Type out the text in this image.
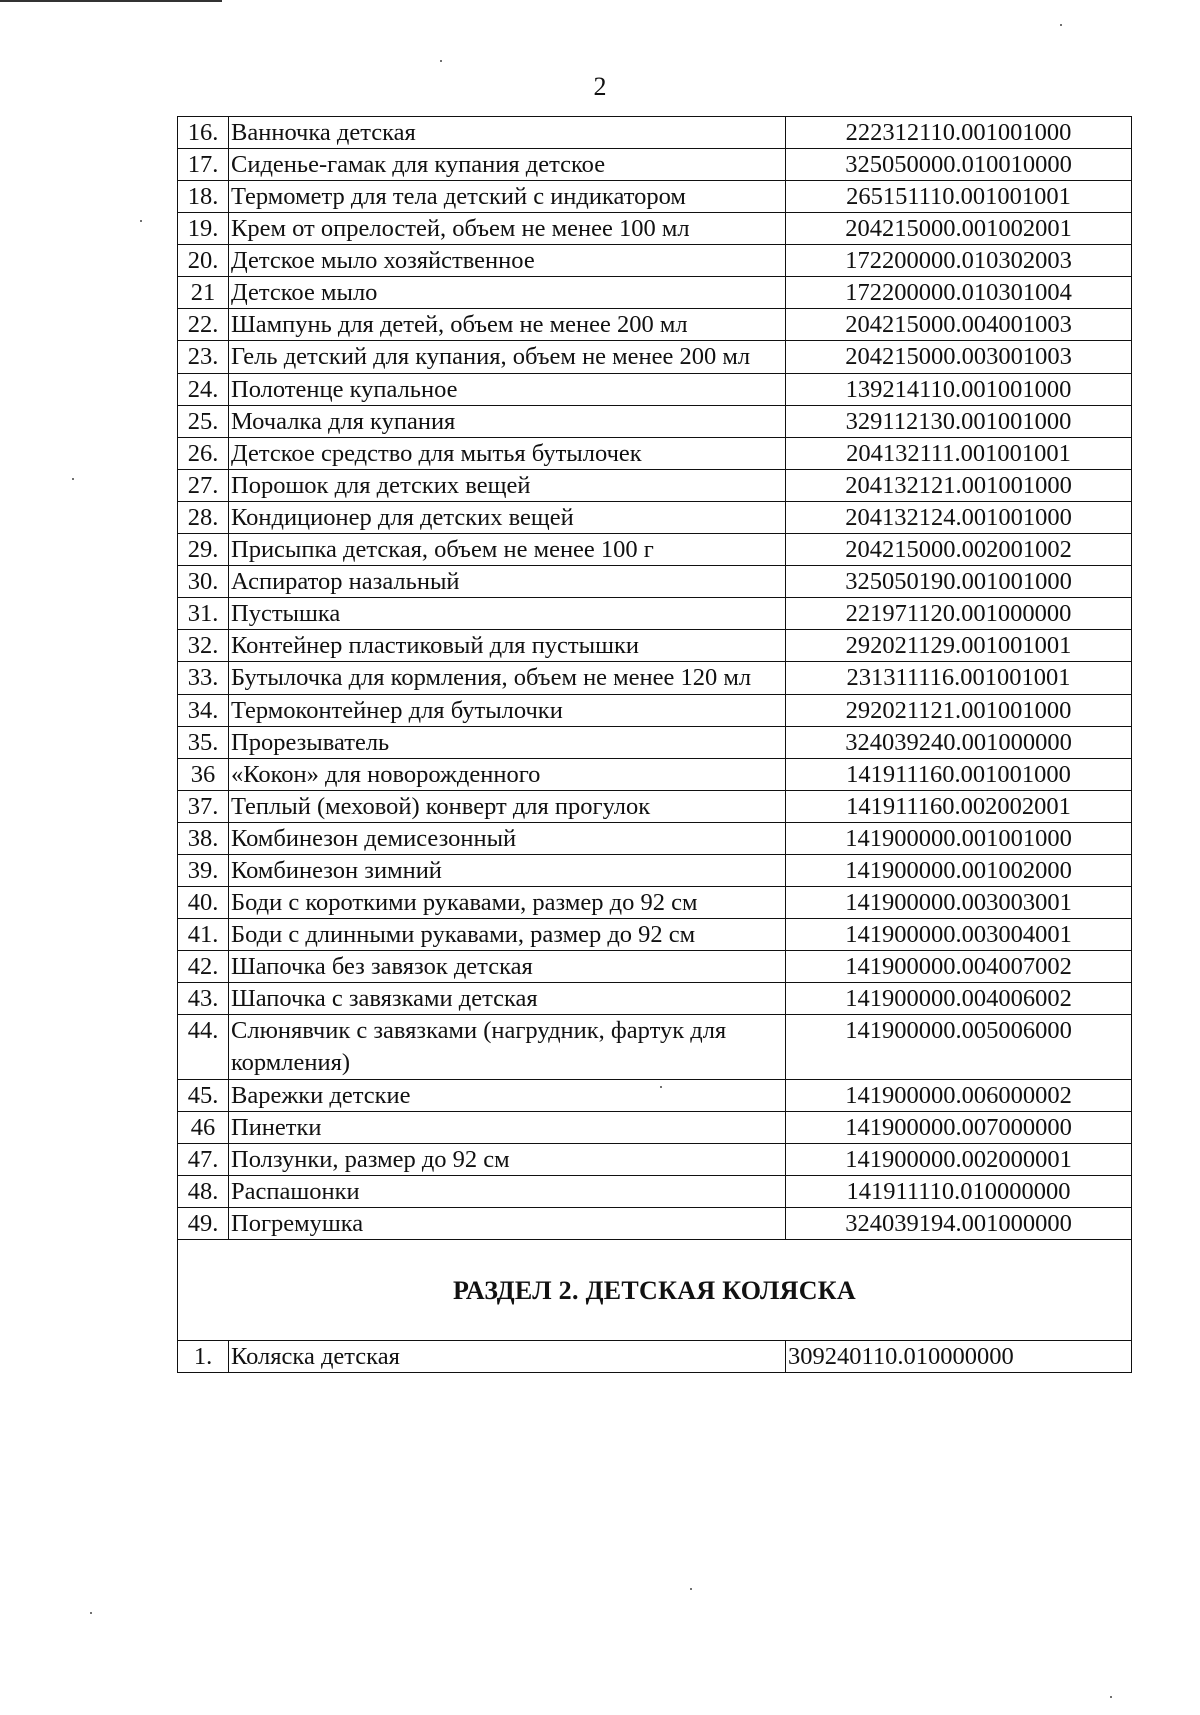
2
16.	Ванночка детская	222312110.001001000
17.	Сиденье-гамак для купания детское	325050000.010010000
18.	Термометр для тела детский с индикатором	265151110.001001001
19.	Крем от опрелостей, объем не менее 100 мл	204215000.001002001
20.	Детское мыло хозяйственное	172200000.010302003
21	Детское мыло	172200000.010301004
22.	Шампунь для детей, объем не менее 200 мл	204215000.004001003
23.	Гель детский для купания, объем не менее 200 мл	204215000.003001003
24.	Полотенце купальное	139214110.001001000
25.	Мочалка для купания	329112130.001001000
26.	Детское средство для мытья бутылочек	204132111.001001001
27.	Порошок для детских вещей	204132121.001001000
28.	Кондиционер для детских вещей	204132124.001001000
29.	Присыпка детская, объем не менее 100 г	204215000.002001002
30.	Аспиратор назальный	325050190.001001000
31.	Пустышка	221971120.001000000
32.	Контейнер пластиковый для пустышки	292021129.001001001
33.	Бутылочка для кормления, объем не менее 120 мл	231311116.001001001
34.	Термоконтейнер для бутылочки	292021121.001001000
35.	Прорезыватель	324039240.001000000
36	«Кокон» для новорожденного	141911160.001001000
37.	Теплый (меховой) конверт для прогулок	141911160.002002001
38.	Комбинезон демисезонный	141900000.001001000
39.	Комбинезон зимний	141900000.001002000
40.	Боди с короткими рукавами, размер до 92 см	141900000.003003001
41.	Боди с длинными рукавами, размер до 92 см	141900000.003004001
42.	Шапочка без завязок детская	141900000.004007002
43.	Шапочка с завязками детская	141900000.004006002
44.	Слюнявчик с завязками (нагрудник, фартук для кормления)	141900000.005006000
45.	Варежки детские	141900000.006000002
46	Пинетки	141900000.007000000
47.	Ползунки, размер до 92 см	141900000.002000001
48.	Распашонки	141911110.010000000
49.	Погремушка	324039194.001000000
РАЗДЕЛ 2. ДЕТСКАЯ КОЛЯСКА		
1.	Коляска детская	309240110.010000000
